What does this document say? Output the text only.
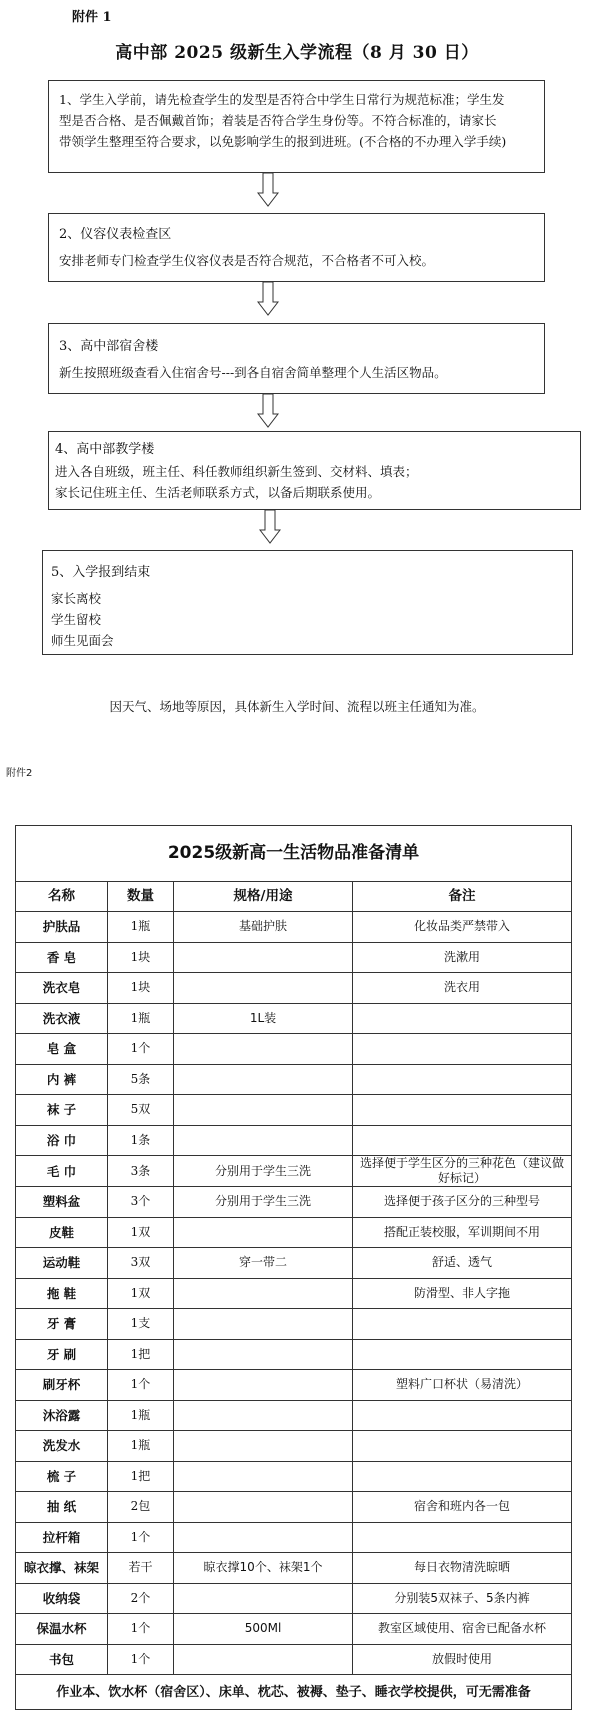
附件 1
高中部 2025 级新生入学流程（8 月 30 日）
1、学生入学前，请先检查学生的发型是否符合中学生日常行为规范标准；学生发
型是否合格、是否佩戴首饰；着装是否符合学生身份等。不符合标准的，请家长
带领学生整理至符合要求，以免影响学生的报到进班。(不合格的不办理入学手续)
2、仪容仪表检查区
安排老师专门检查学生仪容仪表是否符合规范，不合格者不可入校。
3、高中部宿舍楼
新生按照班级查看入住宿舍号---到各自宿舍简单整理个人生活区物品。
4、高中部教学楼
进入各自班级，班主任、科任教师组织新生签到、交材料、填表；
家长记住班主任、生活老师联系方式，以备后期联系使用。
5、入学报到结束
家长离校
学生留校
师生见面会
因天气、场地等原因，具体新生入学时间、流程以班主任通知为准。
附件2
2025级新高一生活物品准备清单			
名称	数量	规格/用途	备注
护肤品	1瓶	基础护肤	化妆品类严禁带入
香 皂	1块		洗漱用
洗衣皂	1块		洗衣用
洗衣液	1瓶	1L装	
皂 盒	1个		
内 裤	5条		
袜 子	5双		
浴 巾	1条		
毛 巾	3条	分别用于学生三洗	选择便于学生区分的三种花色（建议做好标记）
塑料盆	3个	分别用于学生三洗	选择便于孩子区分的三种型号
皮鞋	1双		搭配正装校服，军训期间不用
运动鞋	3双	穿一带二	舒适、透气
拖 鞋	1双		防滑型、非人字拖
牙 膏	1支		
牙 刷	1把		
刷牙杯	1个		塑料广口杯状（易清洗）
沐浴露	1瓶		
洗发水	1瓶		
梳 子	1把		
抽 纸	2包		宿舍和班内各一包
拉杆箱	1个		
晾衣撑、袜架	若干	晾衣撑10个、袜架1个	每日衣物清洗晾晒
收纳袋	2个		分别装5双袜子、5条内裤
保温水杯	1个	500Ml	教室区域使用、宿舍已配备水杯
书包	1个		放假时使用
作业本、饮水杯（宿舍区）、床单、枕芯、被褥、垫子、睡衣学校提供，可无需准备			
